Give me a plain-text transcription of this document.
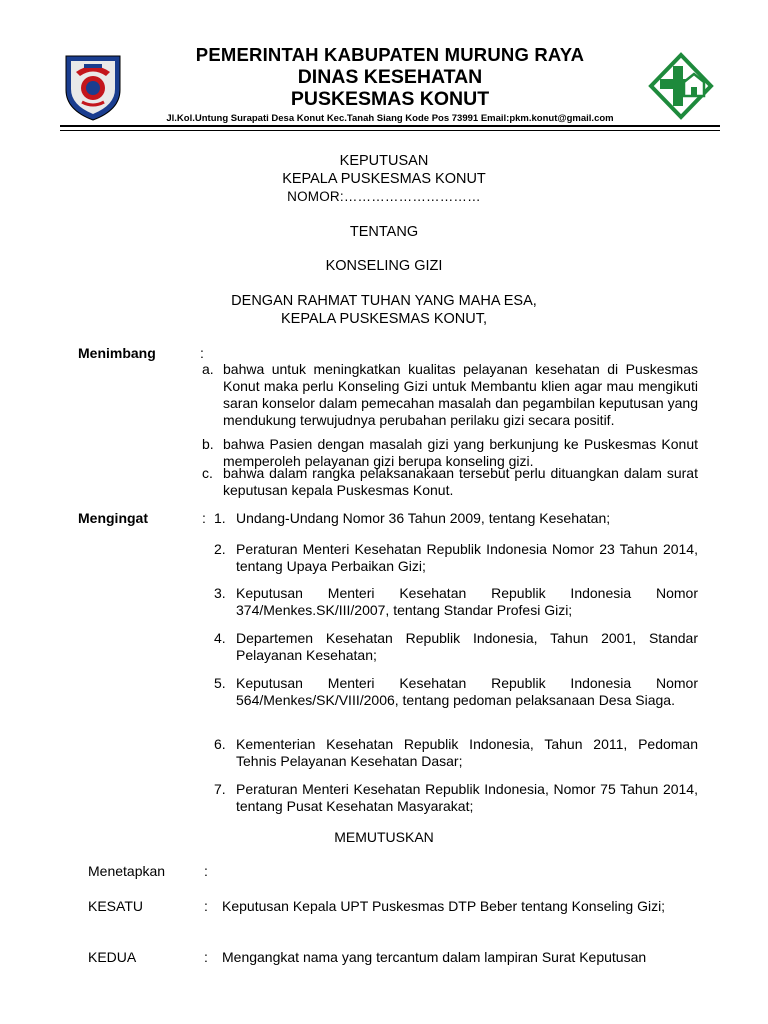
PEMERINTAH KABUPATEN MURUNG RAYA
DINAS KESEHATAN
PUSKESMAS KONUT
Jl.Kol.Untung Surapati Desa Konut Kec.Tanah Siang Kode Pos 73991 Email:pkm.konut@gmail.com
KEPUTUSAN
KEPALA PUSKESMAS KONUT
NOMOR:…………………………
TENTANG
KONSELING GIZI
DENGAN RAHMAT TUHAN YANG MAHA ESA,
KEPALA PUSKESMAS KONUT,
Menimbang	:
a. bahwa untuk meningkatkan kualitas pelayanan kesehatan di Puskesmas Konut maka perlu Konseling Gizi untuk Membantu klien agar mau mengikuti saran konselor dalam pemecahan masalah dan pegambilan keputusan yang mendukung terwujudnya perubahan perilaku gizi secara positif.
b. bahwa Pasien dengan masalah gizi yang berkunjung ke Puskesmas Konut memperoleh pelayanan gizi berupa konseling gizi.
c. bahwa dalam rangka pelaksanakaan tersebut perlu dituangkan dalam surat keputusan kepala Puskesmas Konut.
Mengingat	: 1. Undang-Undang Nomor 36 Tahun 2009, tentang Kesehatan;
2. Peraturan Menteri Kesehatan Republik Indonesia Nomor 23 Tahun 2014, tentang Upaya Perbaikan Gizi;
3. Keputusan Menteri Kesehatan Republik Indonesia Nomor 374/Menkes.SK/III/2007, tentang Standar Profesi Gizi;
4. Departemen Kesehatan Republik Indonesia, Tahun 2001, Standar Pelayanan Kesehatan;
5. Keputusan Menteri Kesehatan Republik Indonesia Nomor 564/Menkes/SK/VIII/2006, tentang pedoman pelaksanaan Desa Siaga.
6. Kementerian Kesehatan Republik Indonesia, Tahun 2011, Pedoman Tehnis Pelayanan Kesehatan Dasar;
7. Peraturan Menteri Kesehatan Republik Indonesia, Nomor 75 Tahun 2014, tentang Pusat Kesehatan Masyarakat;
MEMUTUSKAN
Menetapkan	:
KESATU	: Keputusan Kepala UPT Puskesmas DTP Beber tentang Konseling Gizi;
KEDUA	: Mengangkat nama yang tercantum dalam lampiran Surat Keputusan
